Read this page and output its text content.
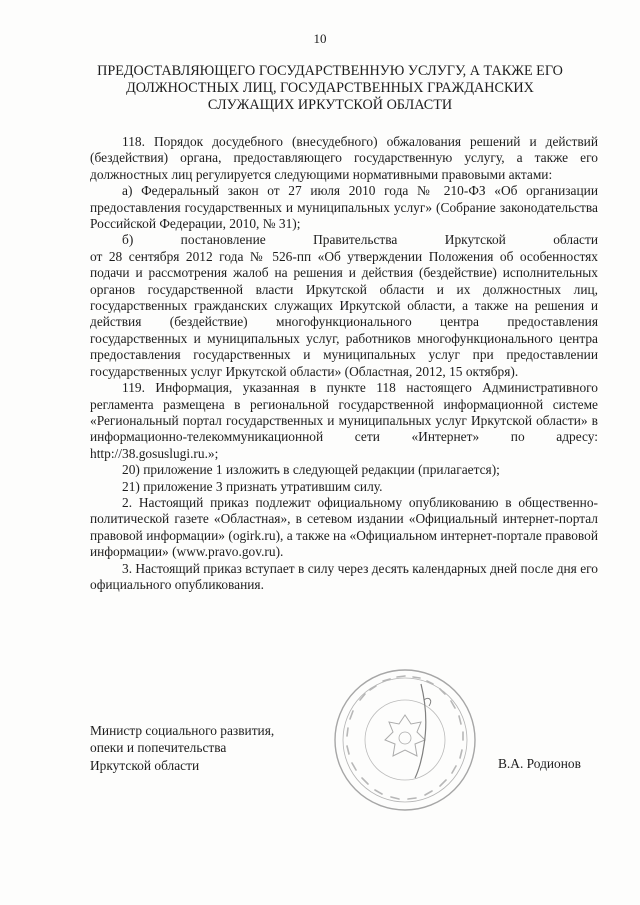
10
ПРЕДОСТАВЛЯЮЩЕГО ГОСУДАРСТВЕННУЮ УСЛУГУ, А ТАКЖЕ ЕГО
ДОЛЖНОСТНЫХ ЛИЦ, ГОСУДАРСТВЕННЫХ ГРАЖДАНСКИХ
СЛУЖАЩИХ ИРКУТСКОЙ ОБЛАСТИ

118. Порядок досудебного (внесудебного) обжалования решений и действий (бездействия) органа, предоставляющего государственную услугу, а также его должностных лиц регулируется следующими нормативными правовыми актами:

а) Федеральный закон от 27 июля 2010 года № 210-ФЗ «Об организации предоставления государственных и муниципальных услуг» (Собрание законодательства Российской Федерации, 2010, № 31);

б) постановление Правительства Иркутской области

от 28 сентября 2012 года № 526-пп «Об утверждении Положения об особенностях подачи и рассмотрения жалоб на решения и действия (бездействие) исполнительных органов государственной власти Иркутской области и их должностных лиц, государственных гражданских служащих Иркутской области, а также на решения и действия (бездействие) многофункционального центра предоставления государственных и муниципальных услуг, работников многофункционального центра предоставления государственных и муниципальных услуг при предоставлении государственных услуг Иркутской области» (Областная, 2012, 15 октября).

119. Информация, указанная в пункте 118 настоящего Административного регламента размещена в региональной государственной информационной системе «Региональный портал государственных и муниципальных услуг Иркутской области» в информационно-телекоммуникационной сети «Интернет» по адресу: http://38.gosuslugi.ru.»;

20) приложение 1 изложить в следующей редакции (прилагается);

21) приложение 3 признать утратившим силу.

2. Настоящий приказ подлежит официальному опубликованию в общественно-политической газете «Областная», в сетевом издании «Официальный интернет-портал правовой информации» (ogirk.ru), а также на «Официальном интернет-портале правовой информации» (www.pravo.gov.ru).

3. Настоящий приказ вступает в силу через десять календарных дней после дня его официального опубликования.

Министр социального развития,
опеки и попечительства
Иркутской области	В.А. Родионов
